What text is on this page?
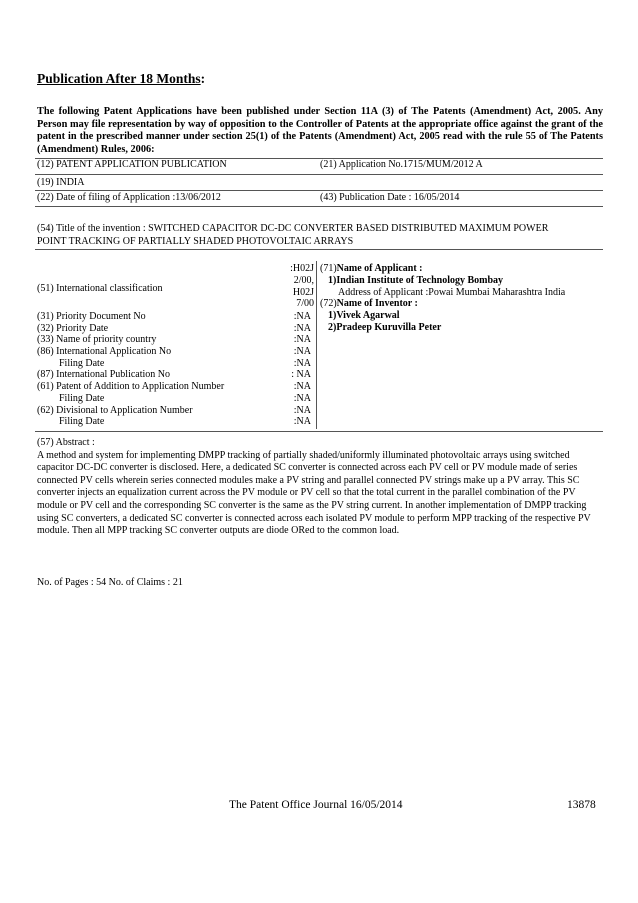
Publication After 18 Months:
The following Patent Applications have been published under Section 11A (3) of The Patents (Amendment) Act, 2005. Any Person may file representation by way of opposition to the Controller of Patents at the appropriate office against the grant of the patent in the prescribed manner under section 25(1) of the Patents (Amendment) Act, 2005 read with the rule 55 of The Patents (Amendment) Rules, 2006:
(12) PATENT APPLICATION PUBLICATION	(21) Application No.1715/MUM/2012 A
(19) INDIA
(22) Date of filing of Application :13/06/2012	(43) Publication Date : 16/05/2014
(54) Title of the invention : SWITCHED CAPACITOR DC-DC CONVERTER BASED DISTRIBUTED MAXIMUM POWER
POINT TRACKING OF PARTIALLY SHADED PHOTOVOLTAIC ARRAYS
(51) International classification
:H02J
2/00,
H02J
7/00
(31) Priority Document No	:NA
(32) Priority Date	:NA
(33) Name of priority country	:NA
(86) International Application No	:NA
Filing Date	:NA
(87) International Publication No	: NA
(61) Patent of Addition to Application Number	:NA
Filing Date	:NA
(62) Divisional to Application Number	:NA
Filing Date	:NA
(71)Name of Applicant :
1)Indian Institute of Technology Bombay
Address of Applicant :Powai Mumbai Maharashtra India
(72)Name of Inventor :
1)Vivek Agarwal
2)Pradeep Kuruvilla Peter
(57) Abstract :
A method and system for implementing DMPP tracking of partially shaded/uniformly illuminated photovoltaic arrays using switched capacitor DC-DC converter is disclosed. Here, a dedicated SC converter is connected across each PV cell or PV module made of series connected PV cells wherein series connected modules make a PV string and parallel connected PV strings make up a PV array. This SC converter injects an equalization current across the PV module or PV cell so that the total current in the parallel combination of the PV module or PV cell and the corresponding SC converter is the same as the PV string current. In another implementation of DMPP tracking using SC converters, a dedicated SC converter is connected across each isolated PV module to perform MPP tracking of the respective PV module. Then all MPP tracking SC converter outputs are diode ORed to the common load.
No. of Pages : 54 No. of Claims : 21
The Patent Office Journal 16/05/2014	13878
